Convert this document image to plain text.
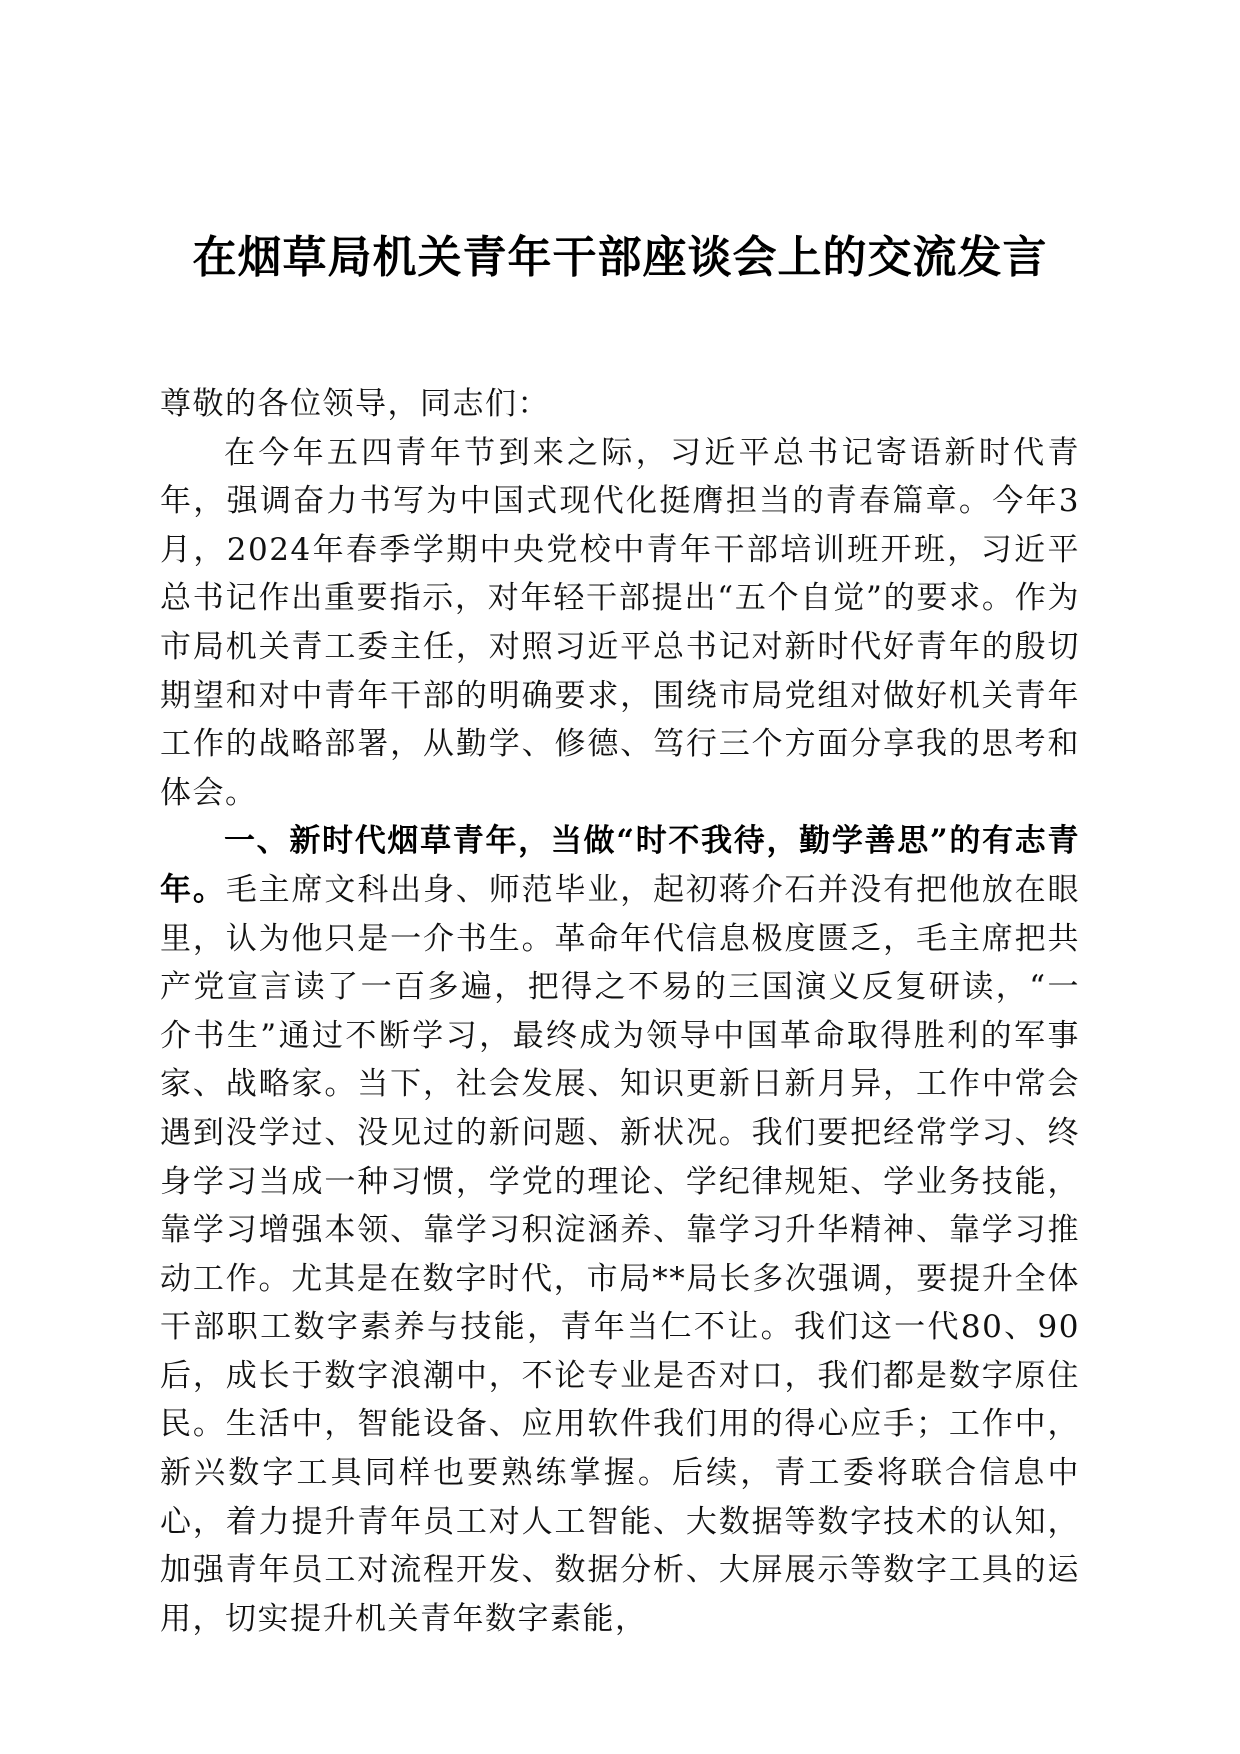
在烟草局机关青年干部座谈会上的交流发言

尊敬的各位领导，同志们：

在今年五四青年节到来之际，习近平总书记寄语新时代青年，强调奋力书写为中国式现代化挺膺担当的青春篇章。今年3月，2024年春季学期中央党校中青年干部培训班开班，习近平总书记作出重要指示，对年轻干部提出“五个自觉”的要求。作为市局机关青工委主任，对照习近平总书记对新时代好青年的殷切期望和对中青年干部的明确要求，围绕市局党组对做好机关青年工作的战略部署，从勤学、修德、笃行三个方面分享我的思考和体会。

一、新时代烟草青年，当做“时不我待，勤学善思”的有志青年。毛主席文科出身、师范毕业，起初蒋介石并没有把他放在眼里，认为他只是一介书生。革命年代信息极度匮乏，毛主席把共产党宣言读了一百多遍，把得之不易的三国演义反复研读，“一介书生”通过不断学习，最终成为领导中国革命取得胜利的军事家、战略家。当下，社会发展、知识更新日新月异，工作中常会遇到没学过、没见过的新问题、新状况。我们要把经常学习、终身学习当成一种习惯，学党的理论、学纪律规矩、学业务技能，靠学习增强本领、靠学习积淀涵养、靠学习升华精神、靠学习推动工作。尤其是在数字时代，市局**局长多次强调，要提升全体干部职工数字素养与技能，青年当仁不让。我们这一代80、90后，成长于数字浪潮中，不论专业是否对口，我们都是数字原住民。生活中，智能设备、应用软件我们用的得心应手；工作中，新兴数字工具同样也要熟练掌握。后续，青工委将联合信息中心，着力提升青年员工对人工智能、大数据等数字技术的认知，加强青年员工对流程开发、数据分析、大屏展示等数字工具的运用，切实提升机关青年数字素能，
